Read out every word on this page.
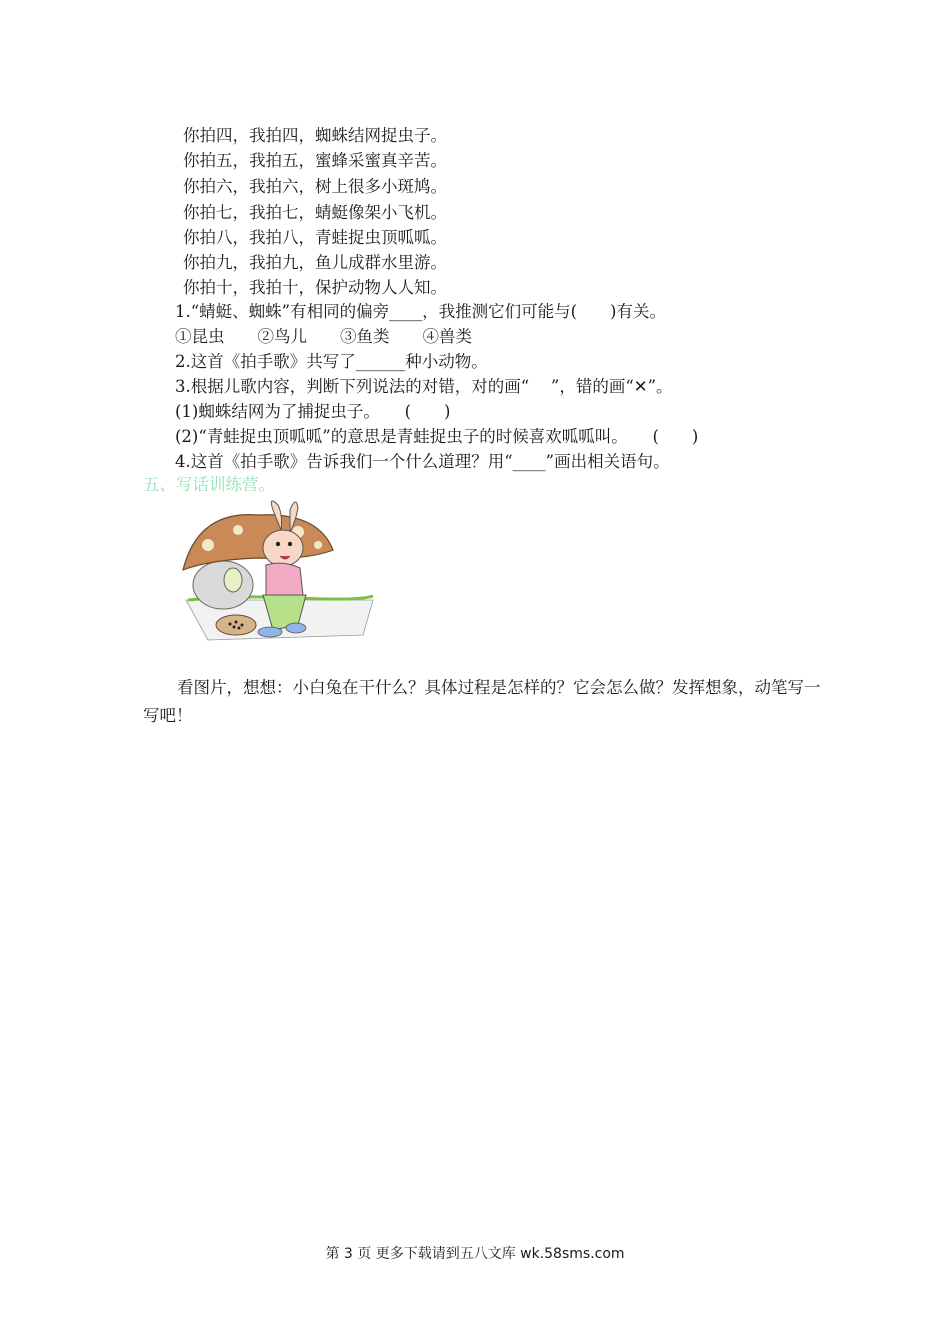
你拍四，我拍四，蜘蛛结网捉虫子。
你拍五，我拍五，蜜蜂采蜜真辛苦。
你拍六，我拍六，树上很多小斑鸠。
你拍七，我拍七，蜻蜓像架小飞机。
你拍八，我拍八，青蛙捉虫顶呱呱。
你拍九，我拍九，鱼儿成群水里游。
你拍十，我拍十，保护动物人人知。
1.“蜻蜓、蜘蛛”有相同的偏旁____，我推测它们可能与(　　)有关。
①昆虫　　②鸟儿　　③鱼类　　④兽类
2.这首《拍手歌》共写了______种小动物。
3.根据儿歌内容，判断下列说法的对错，对的画“　 ”，错的画“✕”。
(1)蜘蛛结网为了捕捉虫子。　　(　　)
(2)“青蛙捉虫顶呱呱”的意思是青蛙捉虫子的时候喜欢呱呱叫。　　(　　)
4.这首《拍手歌》告诉我们一个什么道理？用“____”画出相关语句。
五、写话训练营。
看图片，想想：小白兔在干什么？具体过程是怎样的？它会怎么做？发挥想象，动笔写一写吧！
第 3 页 更多下载请到五八文库 wk.58sms.com
